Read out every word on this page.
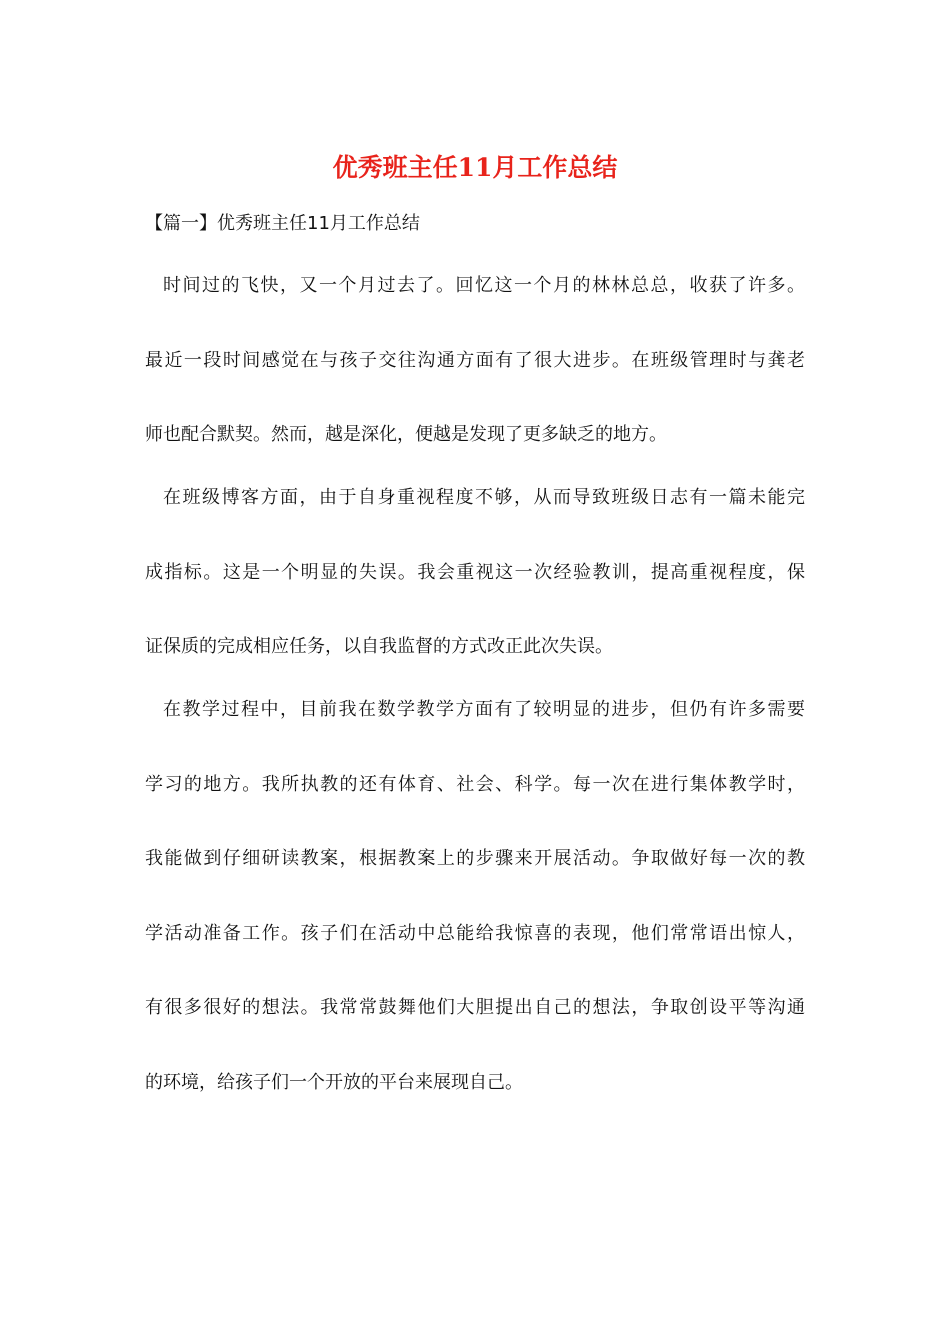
优秀班主任11月工作总结
【篇一】优秀班主任11月工作总结

时间过的飞快，又一个月过去了。回忆这一个月的林林总总，收获了许多。

最近一段时间感觉在与孩子交往沟通方面有了很大进步。在班级管理时与龚老

师也配合默契。然而，越是深化，便越是发现了更多缺乏的地方。

在班级博客方面，由于自身重视程度不够，从而导致班级日志有一篇未能完

成指标。这是一个明显的失误。我会重视这一次经验教训，提高重视程度，保

证保质的完成相应任务，以自我监督的方式改正此次失误。

在教学过程中，目前我在数学教学方面有了较明显的进步，但仍有许多需要

学习的地方。我所执教的还有体育、社会、科学。每一次在进行集体教学时，

我能做到仔细研读教案，根据教案上的步骤来开展活动。争取做好每一次的教

学活动准备工作。孩子们在活动中总能给我惊喜的表现，他们常常语出惊人，

有很多很好的想法。我常常鼓舞他们大胆提出自己的想法，争取创设平等沟通

的环境，给孩子们一个开放的平台来展现自己。
